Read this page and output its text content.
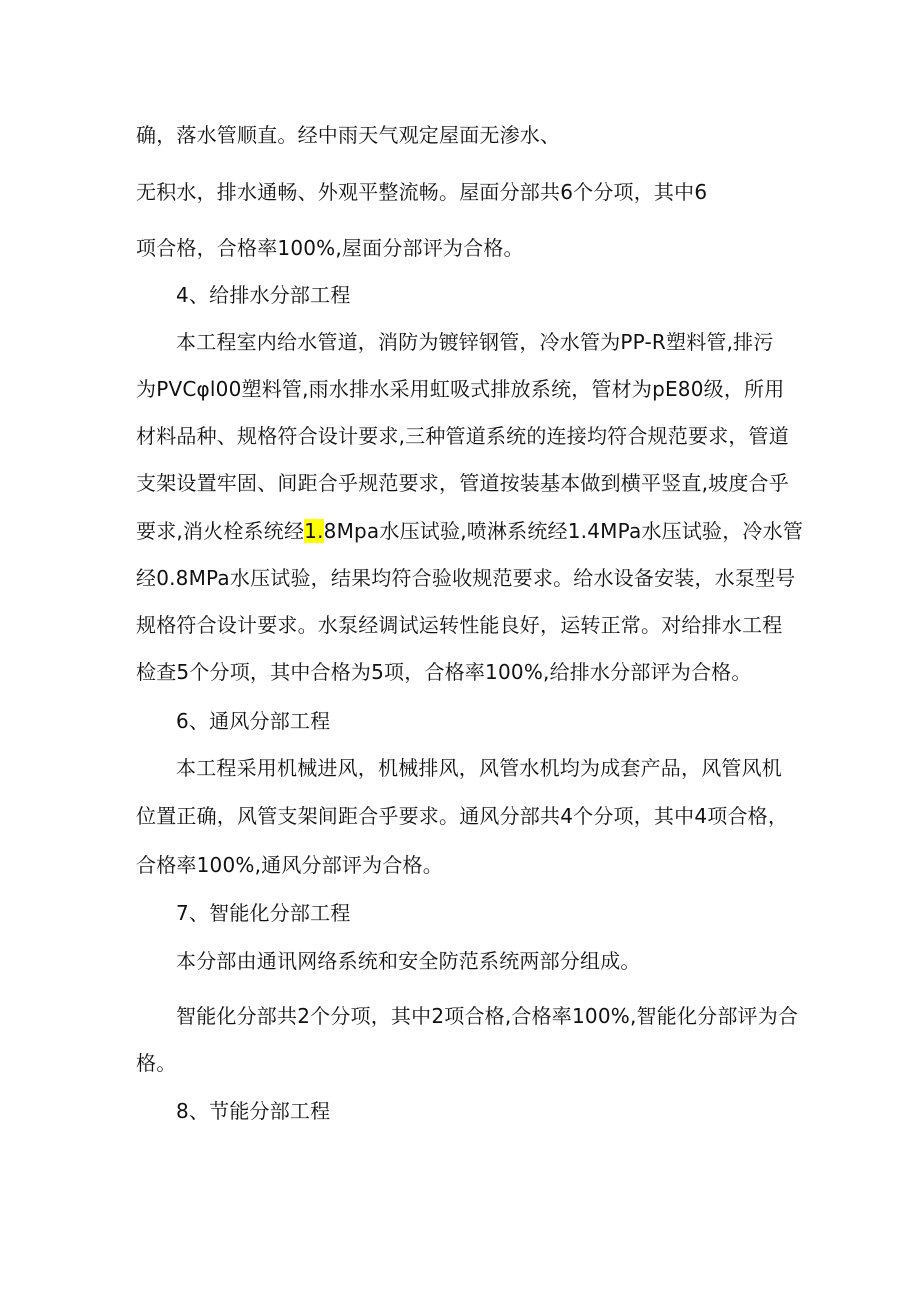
确，落水管顺直。经中雨天气观定屋面无渗水、
无积水，排水通畅、外观平整流畅。屋面分部共6个分项，其中6
项合格，合格率100%,屋面分部评为合格。
4、给排水分部工程
本工程室内给水管道，消防为镀锌钢管，冷水管为PP-R塑料管,排污
为PVCφl00塑料管,雨水排水采用虹吸式排放系统，管材为pE80级，所用
材料品种、规格符合设计要求,三种管道系统的连接均符合规范要求，管道
支架设置牢固、间距合乎规范要求，管道按装基本做到横平竖直,坡度合乎
要求,消火栓系统经1.8Mpa水压试验,喷淋系统经1.4MPa水压试验，冷水管
经0.8MPa水压试验，结果均符合验收规范要求。给水设备安装，水泵型号
规格符合设计要求。水泵经调试运转性能良好，运转正常。对给排水工程
检查5个分项，其中合格为5项，合格率100%,给排水分部评为合格。
6、通风分部工程
本工程采用机械进风，机械排风，风管水机均为成套产品，风管风机
位置正确，风管支架间距合乎要求。通风分部共4个分项，其中4项合格，
合格率100%,通风分部评为合格。
7、智能化分部工程
本分部由通讯网络系统和安全防范系统两部分组成。
智能化分部共2个分项，其中2项合格,合格率100%,智能化分部评为合
格。
8、节能分部工程
